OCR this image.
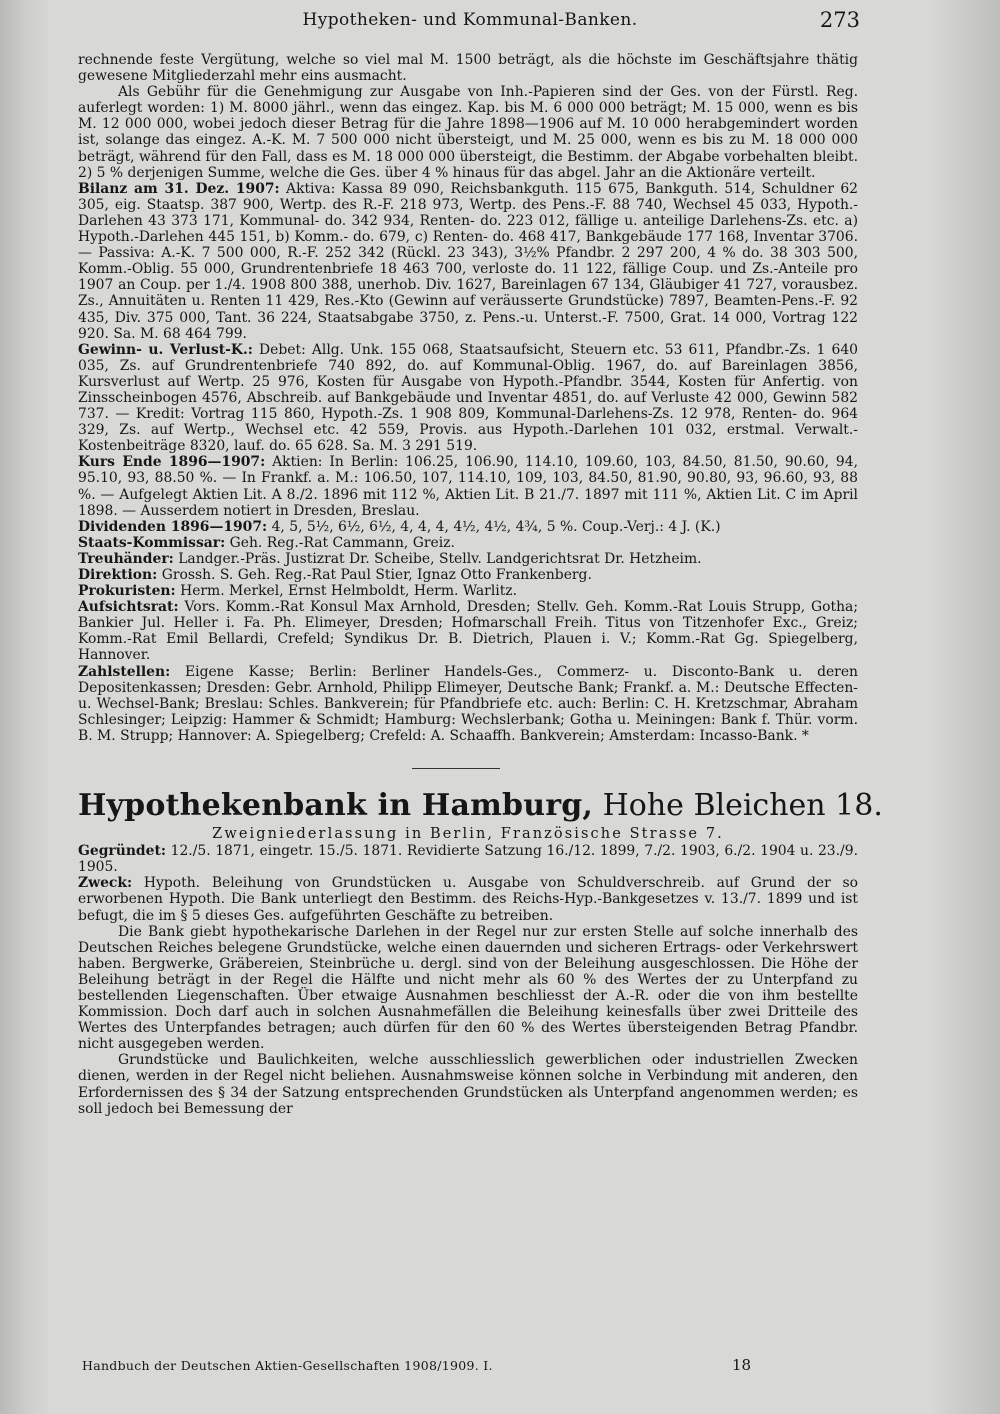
Hypotheken- und Kommunal-Banken.	273

rechnende feste Vergütung, welche so viel mal M. 1500 beträgt, als die höchste im Geschäftsjahre thätig gewesene Mitgliederzahl mehr eins ausmacht.

Als Gebühr für die Genehmigung zur Ausgabe von Inh.-Papieren sind der Ges. von der Fürstl. Reg. auferlegt worden: 1) M. 8000 jährl., wenn das eingez. Kap. bis M. 6 000 000 beträgt; M. 15 000, wenn es bis M. 12 000 000, wobei jedoch dieser Betrag für die Jahre 1898—1906 auf M. 10 000 herabgemindert worden ist, solange das eingez. A.-K. M. 7 500 000 nicht übersteigt, und M. 25 000, wenn es bis zu M. 18 000 000 beträgt, während für den Fall, dass es M. 18 000 000 übersteigt, die Bestimm. der Abgabe vorbehalten bleibt. 2) 5 % derjenigen Summe, welche die Ges. über 4 % hinaus für das abgel. Jahr an die Aktionäre verteilt.

Bilanz am 31. Dez. 1907: Aktiva: Kassa 89 090, Reichsbankguth. 115 675, Bankguth. 514, Schuldner 62 305, eig. Staatsp. 387 900, Wertp. des R.-F. 218 973, Wertp. des Pens.-F. 88 740, Wechsel 45 033, Hypoth.-Darlehen 43 373 171, Kommunal- do. 342 934, Renten- do. 223 012, fällige u. anteilige Darlehens-Zs. etc. a) Hypoth.-Darlehen 445 151, b) Komm.- do. 679, c) Renten- do. 468 417, Bankgebäude 177 168, Inventar 3706. — Passiva: A.-K. 7 500 000, R.-F. 252 342 (Rückl. 23 343), 3½% Pfandbr. 2 297 200, 4 % do. 38 303 500, Komm.-Oblig. 55 000, Grundrentenbriefe 18 463 700, verloste do. 11 122, fällige Coup. und Zs.-Anteile pro 1907 an Coup. per 1./4. 1908 800 388, unerhob. Div. 1627, Bareinlagen 67 134, Gläubiger 41 727, vorausbez. Zs., Annuitäten u. Renten 11 429, Res.-Kto (Gewinn auf veräusserte Grundstücke) 7897, Beamten-Pens.-F. 92 435, Div. 375 000, Tant. 36 224, Staatsabgabe 3750, z. Pens.-u. Unterst.-F. 7500, Grat. 14 000, Vortrag 122 920. Sa. M. 68 464 799.

Gewinn- u. Verlust-K.: Debet: Allg. Unk. 155 068, Staatsaufsicht, Steuern etc. 53 611, Pfandbr.-Zs. 1 640 035, Zs. auf Grundrentenbriefe 740 892, do. auf Kommunal-Oblig. 1967, do. auf Bareinlagen 3856, Kursverlust auf Wertp. 25 976, Kosten für Ausgabe von Hypoth.-Pfandbr. 3544, Kosten für Anfertig. von Zinsscheinbogen 4576, Abschreib. auf Bankgebäude und Inventar 4851, do. auf Verluste 42 000, Gewinn 582 737. — Kredit: Vortrag 115 860, Hypoth.-Zs. 1 908 809, Kommunal-Darlehens-Zs. 12 978, Renten- do. 964 329, Zs. auf Wertp., Wechsel etc. 42 559, Provis. aus Hypoth.-Darlehen 101 032, erstmal. Verwalt.-Kostenbeiträge 8320, lauf. do. 65 628. Sa. M. 3 291 519.

Kurs Ende 1896—1907: Aktien: In Berlin: 106.25, 106.90, 114.10, 109.60, 103, 84.50, 81.50, 90.60, 94, 95.10, 93, 88.50 %. — In Frankf. a. M.: 106.50, 107, 114.10, 109, 103, 84.50, 81.90, 90.80, 93, 96.60, 93, 88 %. — Aufgelegt Aktien Lit. A 8./2. 1896 mit 112 %, Aktien Lit. B 21./7. 1897 mit 111 %, Aktien Lit. C im April 1898. — Ausserdem notiert in Dresden, Breslau.

Dividenden 1896—1907: 4, 5, 5½, 6½, 6½, 4, 4, 4, 4½, 4½, 4¾, 5 %. Coup.-Verj.: 4 J. (K.)

Staats-Kommissar: Geh. Reg.-Rat Cammann, Greiz.

Treuhänder: Landger.-Präs. Justizrat Dr. Scheibe, Stellv. Landgerichtsrat Dr. Hetzheim.

Direktion: Grossh. S. Geh. Reg.-Rat Paul Stier, Ignaz Otto Frankenberg.

Prokuristen: Herm. Merkel, Ernst Helmboldt, Herm. Warlitz.

Aufsichtsrat: Vors. Komm.-Rat Konsul Max Arnhold, Dresden; Stellv. Geh. Komm.-Rat Louis Strupp, Gotha; Bankier Jul. Heller i. Fa. Ph. Elimeyer, Dresden; Hofmarschall Freih. Titus von Titzenhofer Exc., Greiz; Komm.-Rat Emil Bellardi, Crefeld; Syndikus Dr. B. Dietrich, Plauen i. V.; Komm.-Rat Gg. Spiegelberg, Hannover.

Zahlstellen: Eigene Kasse; Berlin: Berliner Handels-Ges., Commerz- u. Disconto-Bank u. deren Depositenkassen; Dresden: Gebr. Arnhold, Philipp Elimeyer, Deutsche Bank; Frankf. a. M.: Deutsche Effecten- u. Wechsel-Bank; Breslau: Schles. Bankverein; für Pfandbriefe etc. auch: Berlin: C. H. Kretzschmar, Abraham Schlesinger; Leipzig: Hammer & Schmidt; Hamburg: Wechslerbank; Gotha u. Meiningen: Bank f. Thür. vorm. B. M. Strupp; Hannover: A. Spiegelberg; Crefeld: A. Schaaffh. Bankverein; Amsterdam: Incasso-Bank. *

Hypothekenbank in Hamburg, Hohe Bleichen 18.
Zweigniederlassung in Berlin, Französische Strasse 7.

Gegründet: 12./5. 1871, eingetr. 15./5. 1871. Revidierte Satzung 16./12. 1899, 7./2. 1903, 6./2. 1904 u. 23./9. 1905.

Zweck: Hypoth. Beleihung von Grundstücken u. Ausgabe von Schuldverschreib. auf Grund der so erworbenen Hypoth. Die Bank unterliegt den Bestimm. des Reichs-Hyp.-Bankgesetzes v. 13./7. 1899 und ist befugt, die im § 5 dieses Ges. aufgeführten Geschäfte zu betreiben.

Die Bank giebt hypothekarische Darlehen in der Regel nur zur ersten Stelle auf solche innerhalb des Deutschen Reiches belegene Grundstücke, welche einen dauernden und sicheren Ertrags- oder Verkehrswert haben. Bergwerke, Gräbereien, Steinbrüche u. dergl. sind von der Beleihung ausgeschlossen. Die Höhe der Beleihung beträgt in der Regel die Hälfte und nicht mehr als 60 % des Wertes der zu Unterpfand zu bestellenden Liegenschaften. Über etwaige Ausnahmen beschliesst der A.-R. oder die von ihm bestellte Kommission. Doch darf auch in solchen Ausnahmefällen die Beleihung keinesfalls über zwei Dritteile des Wertes des Unterpfandes betragen; auch dürfen für den 60 % des Wertes übersteigenden Betrag Pfandbr. nicht ausgegeben werden.

Grundstücke und Baulichkeiten, welche ausschliesslich gewerblichen oder industriellen Zwecken dienen, werden in der Regel nicht beliehen. Ausnahmsweise können solche in Verbindung mit anderen, den Erfordernissen des § 34 der Satzung entsprechenden Grundstücken als Unterpfand angenommen werden; es soll jedoch bei Bemessung der

Handbuch der Deutschen Aktien-Gesellschaften 1908/1909. I.	18
